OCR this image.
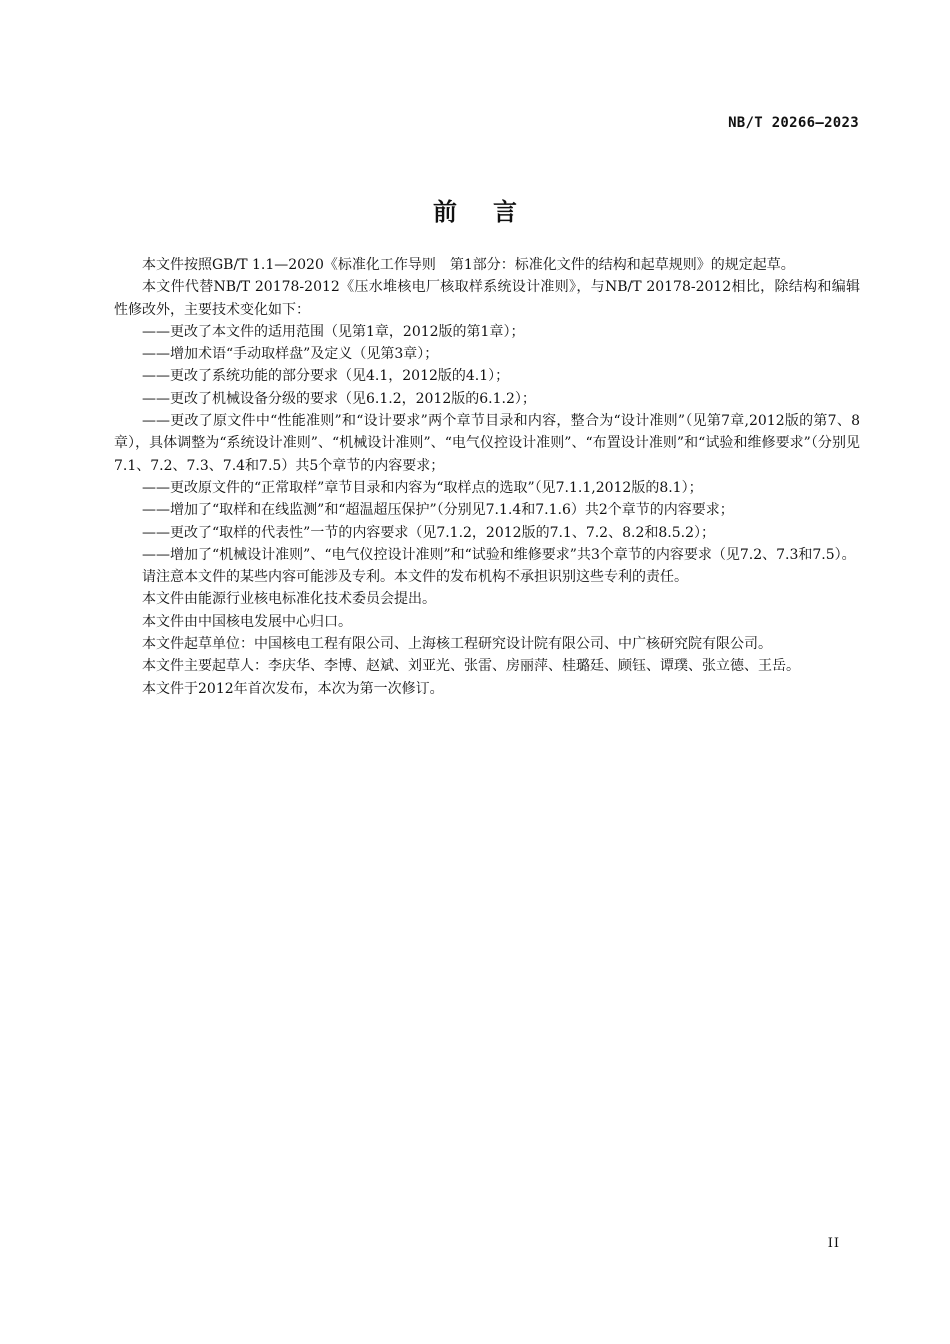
NB/T 20266—2023
前言

本文件按照GB/T 1.1—2020《标准化工作导则　第1部分：标准化文件的结构和起草规则》的规定起草。

本文件代替NB/T 20178-2012《压水堆核电厂核取样系统设计准则》，与NB/T 20178-2012相比，除结构和编辑性修改外，主要技术变化如下：

——更改了本文件的适用范围（见第1章，2012版的第1章）；

——增加术语“手动取样盘”及定义（见第3章）；

——更改了系统功能的部分要求（见4.1，2012版的4.1）；

——更改了机械设备分级的要求（见6.1.2，2012版的6.1.2）；

——更改了原文件中“性能准则”和“设计要求”两个章节目录和内容，整合为“设计准则”（见第7章,2012版的第7、8章），具体调整为“系统设计准则”、“机械设计准则”、“电气仪控设计准则”、“布置设计准则”和“试验和维修要求”（分别见7.1、7.2、7.3、7.4和7.5）共5个章节的内容要求；

——更改原文件的“正常取样”章节目录和内容为“取样点的选取”（见7.1.1,2012版的8.1）；

——增加了“取样和在线监测”和“超温超压保护”（分别见7.1.4和7.1.6）共2个章节的内容要求；

——更改了“取样的代表性”一节的内容要求（见7.1.2，2012版的7.1、7.2、8.2和8.5.2）；

——增加了“机械设计准则”、“电气仪控设计准则”和“试验和维修要求”共3个章节的内容要求（见7.2、7.3和7.5）。

请注意本文件的某些内容可能涉及专利。本文件的发布机构不承担识别这些专利的责任。

本文件由能源行业核电标准化技术委员会提出。

本文件由中国核电发展中心归口。

本文件起草单位：中国核电工程有限公司、上海核工程研究设计院有限公司、中广核研究院有限公司。

本文件主要起草人：李庆华、李博、赵斌、刘亚光、张雷、房丽萍、桂璐廷、顾钰、谭璞、张立德、王岳。

本文件于2012年首次发布，本次为第一次修订。

II
